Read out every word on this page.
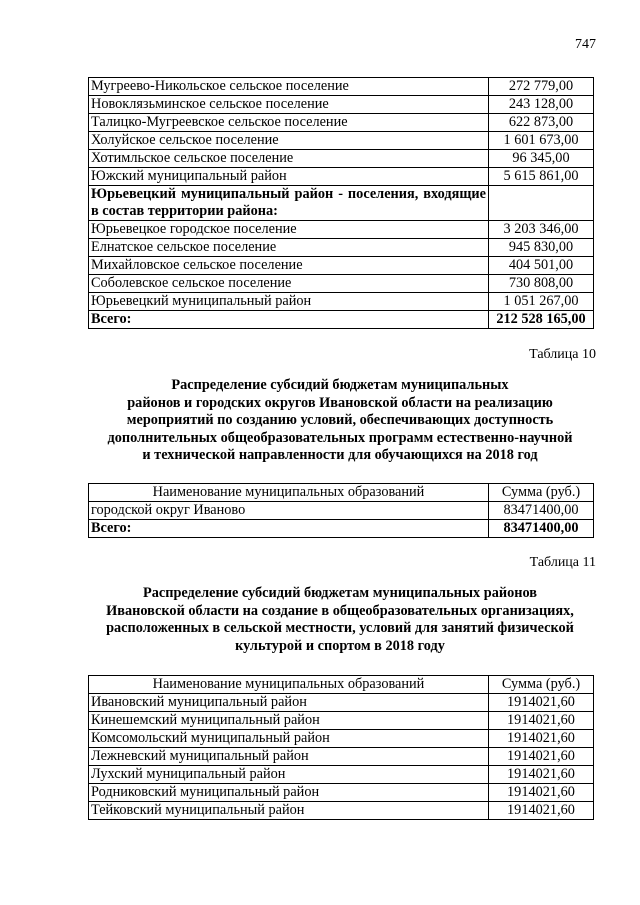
747
Мугреево-Никольское сельское поселение	272 779,00
Новоклязьминское сельское поселение	243 128,00
Талицко-Мугреевское сельское поселение	622 873,00
Холуйское сельское поселение	1 601 673,00
Хотимльское сельское поселение	96 345,00
Южский муниципальный район	5 615 861,00
Юрьевецкий муниципальный район - поселения, входящие в состав территории района:	
Юрьевецкое городское поселение	3 203 346,00
Елнатское сельское поселение	945 830,00
Михайловское сельское поселение	404 501,00
Соболевское сельское поселение	730 808,00
Юрьевецкий муниципальный район	1 051 267,00
Всего:	212 528 165,00
Таблица 10
Распределение субсидий бюджетам муниципальных
районов и городских округов Ивановской области на реализацию
мероприятий по созданию условий, обеспечивающих доступность
дополнительных общеобразовательных программ естественно-научной
и технической направленности для обучающихся на 2018 год
Наименование муниципальных образований	Сумма (руб.)
городской округ Иваново	83471400,00
Всего:	83471400,00
Таблица 11
Распределение субсидий бюджетам муниципальных районов
Ивановской области на создание в общеобразовательных организациях,
расположенных в сельской местности, условий для занятий физической
культурой и спортом в 2018 году
Наименование муниципальных образований	Сумма (руб.)
Ивановский муниципальный район	1914021,60
Кинешемский муниципальный район	1914021,60
Комсомольский муниципальный район	1914021,60
Лежневский муниципальный район	1914021,60
Лухский муниципальный район	1914021,60
Родниковский муниципальный район	1914021,60
Тейковский муниципальный район	1914021,60
